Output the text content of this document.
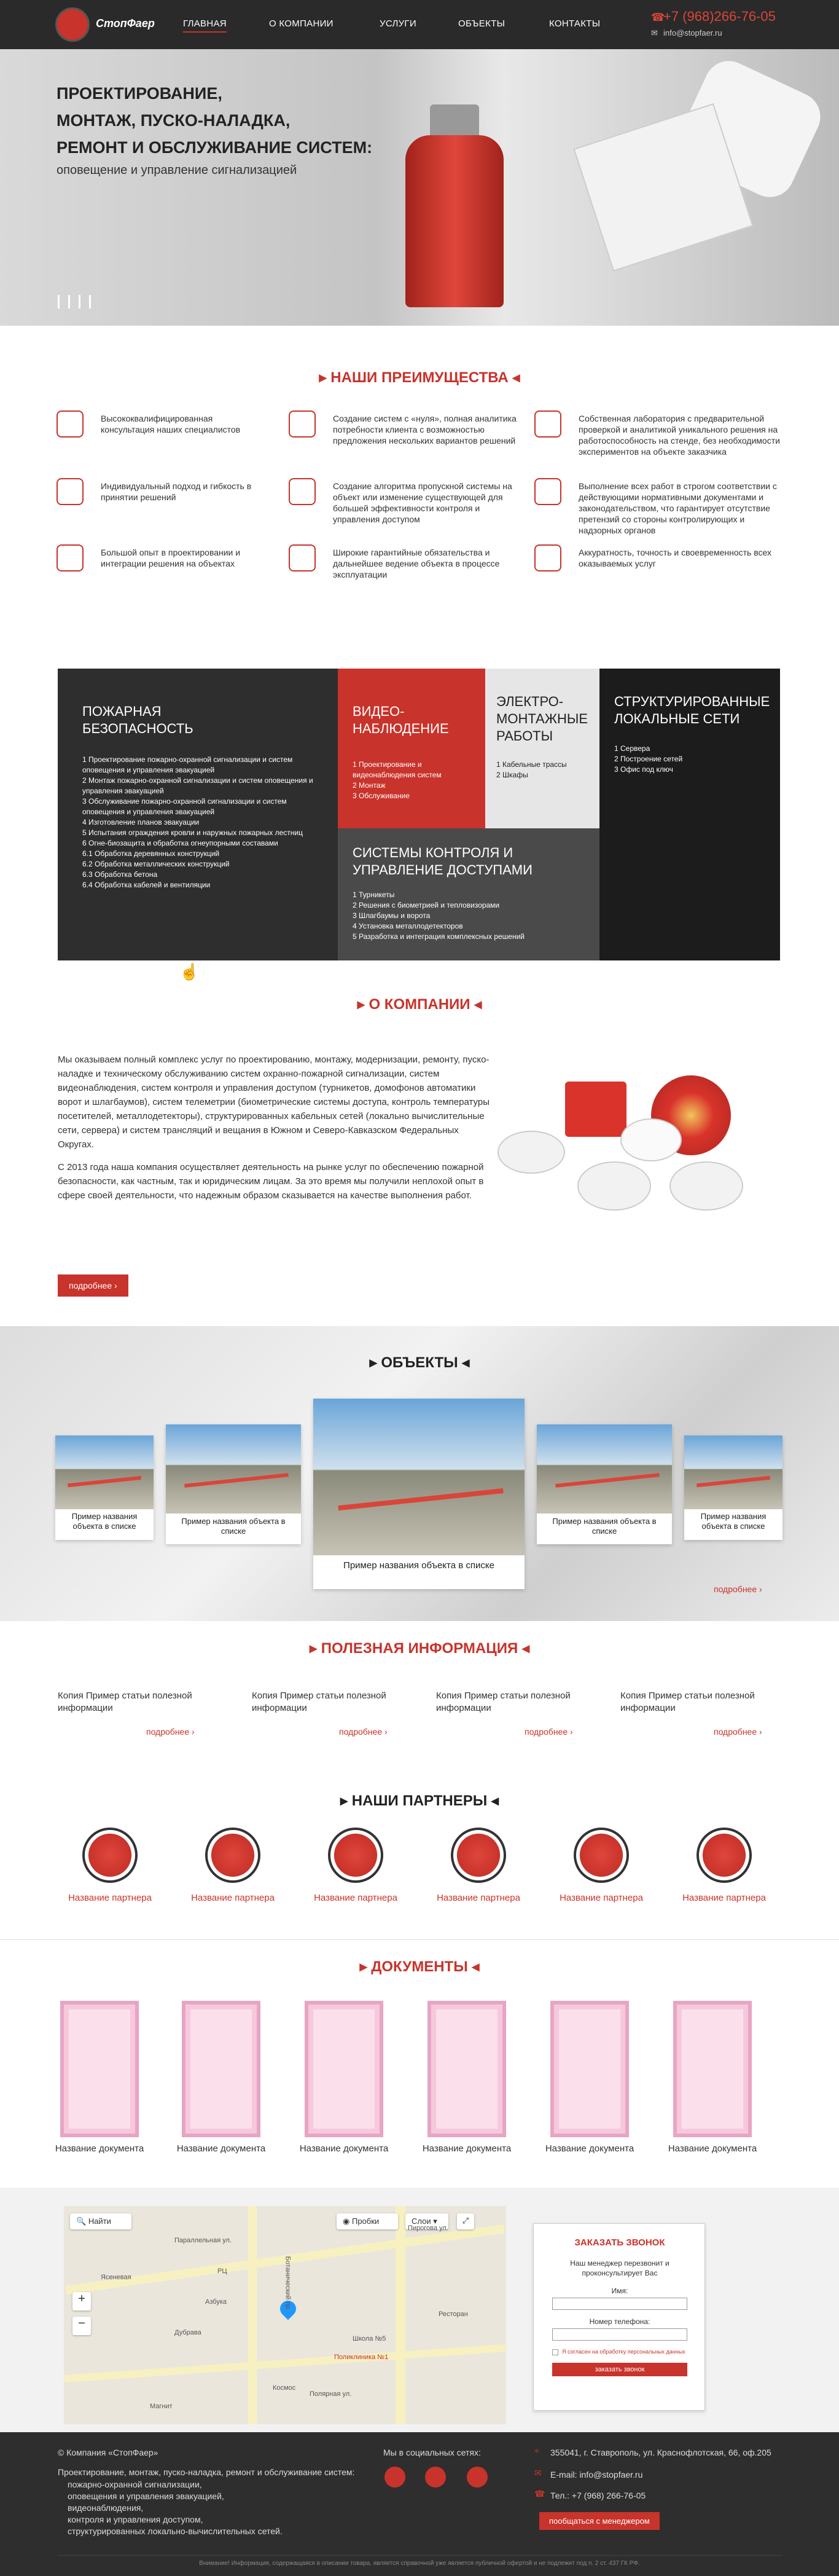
СтопФаер	ГЛАВНАЯ	О КОМПАНИИ	УСЛУГИ	ОБЪЕКТЫ	КОНТАКТЫ
☎
+7 (968)266-76-05
✉ info@stopfaer.ru
ПРОЕКТИРОВАНИЕ,
МОНТАЖ, ПУСКО-НАЛАДКА,
РЕМОНТ И ОБСЛУЖИВАНИЕ СИСТЕМ:
оповещение и управление сигнализацией
▸ НАШИ ПРЕИМУЩЕСТВА ◂
Высококвалифицированная консультация наших специалистов
Создание систем с «нуля», полная аналитика потребности клиента с возможностью предложения нескольких вариантов решений
Собственная лаборатория с предварительной проверкой и аналитикой уникального решения на работоспособность на стенде, без необходимости экспериментов на объекте заказчика
Индивидуальный подход и гибкость в принятии решений
Создание алгоритма пропускной системы на объект или изменение существующей для большей эффективности контроля и управления доступом
Выполнение всех работ в строгом соответствии с действующими нормативными документами и законодательством, что гарантирует отсутствие претензий со стороны контролирующих и надзорных органов
Большой опыт в проектировании и интеграции решения на объектах
Широкие гарантийные обязательства и дальнейшее ведение объекта в процессе эксплуатации
Аккуратность, точность и своевременность всех оказываемых услуг
ПОЖАРНАЯ БЕЗОПАСНОСТЬ
1 Проектирование пожарно-охранной сигнализации и систем оповещения и управления эвакуацией
2 Монтаж пожарно-охранной сигнализации и систем оповещения и управления эвакуацией
3 Обслуживание пожарно-охранной сигнализации и систем оповещения и управления эвакуацией
4 Изготовление планов эвакуации
5 Испытания ограждения кровли и наружных пожарных лестниц
6 Огне-биозащита и обработка огнеупорными составами
6.1 Обработка деревянных конструкций
6.2 Обработка металлических конструкций
6.3 Обработка бетона
6.4 Обработка кабелей и вентиляции
ВИДЕО-НАБЛЮДЕНИЕ
1 Проектирование и видеонаблюдения систем
2 Монтаж
3 Обслуживание
ЭЛЕКТРО-МОНТАЖНЫЕ РАБОТЫ
1 Кабельные трассы
2 Шкафы
СТРУКТУРИРОВАННЫЕ ЛОКАЛЬНЫЕ СЕТИ
1 Сервера
2 Построение сетей
3 Офис под ключ
СИСТЕМЫ КОНТРОЛЯ И УПРАВЛЕНИЕ ДОСТУПАМИ
1 Турникеты
2 Решения с биометрией и тепловизорами
3 Шлагбаумы и ворота
4 Установка металлодетекторов
5 Разработка и интеграция комплексных решений
☝
▸ О КОМПАНИИ ◂

Мы оказываем полный комплекс услуг по проектированию, монтажу, модернизации, ремонту, пуско-наладке и техническому обслуживанию систем охранно-пожарной сигнализации, систем видеонаблюдения, систем контроля и управления доступом (турникетов, домофонов автоматики ворот и шлагбаумов), систем телеметрии (биометрические системы доступа, контроль температуры посетителей, металлодетекторы), структурированных кабельных сетей (локально вычислительные сети, сервера) и систем трансляций и вещания в Южном и Северо-Кавказском Федеральных Округах.

С 2013 года наша компания осуществляет деятельность на рынке услуг по обеспечению пожарной безопасности, как частным, так и юридическим лицам. За это время мы получили неплохой опыт в сфере своей деятельности, что надежным образом сказывается на качестве выполнения работ.

подробнее ›
▸ ОБЪЕКТЫ ◂
Пример названия объекта в списке
Пример названия объекта в списке
Пример названия объекта в списке
Пример названия объекта в списке
Пример названия объекта в списке
подробнее ›
▸ ПОЛЕЗНАЯ ИНФОРМАЦИЯ ◂
Копия Пример статьи полезной информации
подробнее ›
Копия Пример статьи полезной информации
подробнее ›
Копия Пример статьи полезной информации
подробнее ›
Копия Пример статьи полезной информации
подробнее ›
▸ НАШИ ПАРТНЕРЫ ◂
Название партнера	Название партнера	Название партнера	Название партнера	Название партнера	Название партнера
▸ ДОКУМЕНТЫ ◂
Название документа	Название документа	Название документа	Название документа	Название документа	Название документа
🔍 Найти	◉ Пробки	Слои ▾	⤢
+
−
Параллельная ул.
Ботанический пр.
Пирогова ул.
Магнит
Школа №5
Ясеневая
Дубрава
Полярная ул.
Космос
Поликлиника №1
Азбука
Ресторан
РЦ
ЗАКАЗАТЬ ЗВОНОК
Наш менеджер перезвонит и проконсультирует Вас
Имя:
Номер телефона:
Я согласен на обработку персональных данных
заказать звонок
© Компания «СтопФаер»
Проектирование, монтаж, пуско-наладка, ремонт и обслуживание систем:
пожарно-охранной сигнализации,
оповещения и управления эвакуацией,
видеонаблюдения,
контроля и управления доступом,
структурированных локально-вычислительных сетей.
Мы в социальных сетях:	⌖ 355041, г. Ставрополь, ул. Краснофлотская, 66, оф.205
✉ E-mail: info@stopfaer.ru
☎ Тел.: +7 (968) 266-76-05
пообщаться с менеджером
Внимание! Информация, содержащаяся в описании товара, является справочной уже является публичной офертой и не подлежит под п. 2 ст. 437 ГК РФ.
